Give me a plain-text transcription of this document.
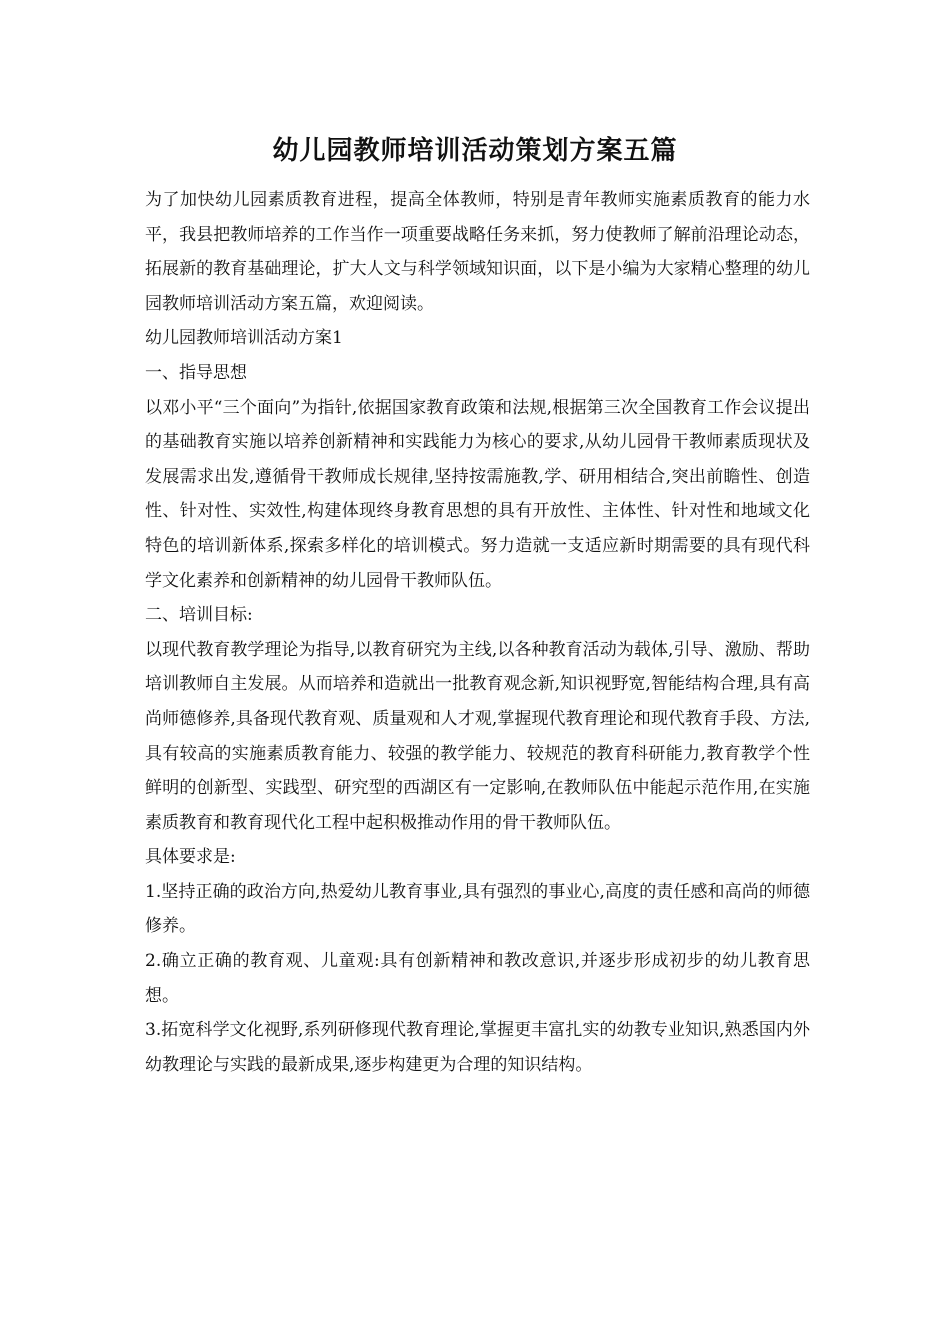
幼儿园教师培训活动策划方案五篇

为了加快幼儿园素质教育进程，提高全体教师，特别是青年教师实施素质教育的能力水平，我县把教师培养的工作当作一项重要战略任务来抓，努力使教师了解前沿理论动态，拓展新的教育基础理论，扩大人文与科学领域知识面，以下是小编为大家精心整理的幼儿园教师培训活动方案五篇，欢迎阅读。

幼儿园教师培训活动方案1

一、指导思想

以邓小平“三个面向”为指针,依据国家教育政策和法规,根据第三次全国教育工作会议提出的基础教育实施以培养创新精神和实践能力为核心的要求,从幼儿园骨干教师素质现状及发展需求出发,遵循骨干教师成长规律,坚持按需施教,学、研用相结合,突出前瞻性、创造性、针对性、实效性,构建体现终身教育思想的具有开放性、主体性、针对性和地域文化特色的培训新体系,探索多样化的培训模式。努力造就一支适应新时期需要的具有现代科学文化素养和创新精神的幼儿园骨干教师队伍。

二、培训目标:

以现代教育教学理论为指导,以教育研究为主线,以各种教育活动为载体,引导、激励、帮助培训教师自主发展。从而培养和造就出一批教育观念新,知识视野宽,智能结构合理,具有高尚师德修养,具备现代教育观、质量观和人才观,掌握现代教育理论和现代教育手段、方法,具有较高的实施素质教育能力、较强的教学能力、较规范的教育科研能力,教育教学个性鲜明的创新型、实践型、研究型的西湖区有一定影响,在教师队伍中能起示范作用,在实施素质教育和教育现代化工程中起积极推动作用的骨干教师队伍。

具体要求是:

1.坚持正确的政治方向,热爱幼儿教育事业,具有强烈的事业心,高度的责任感和高尚的师德修养。

2.确立正确的教育观、儿童观:具有创新精神和教改意识,并逐步形成初步的幼儿教育思想。

3.拓宽科学文化视野,系列研修现代教育理论,掌握更丰富扎实的幼教专业知识,熟悉国内外幼教理论与实践的最新成果,逐步构建更为合理的知识结构。
